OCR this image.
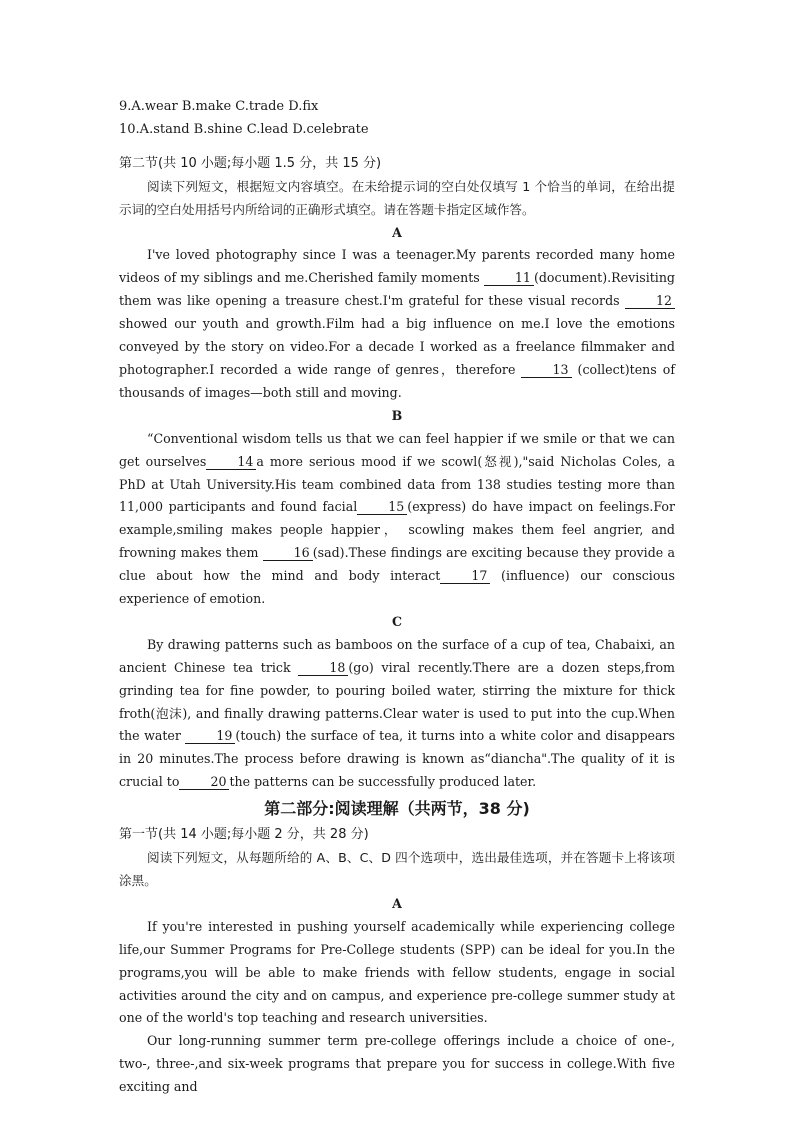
9.A.wear B.make C.trade D.fix

10.A.stand B.shine C.lead D.celebrate

第二节(共 10 小题;每小题 1.5 分，共 15 分)

阅读下列短文，根据短文内容填空。在未给提示词的空白处仅填写 1 个恰当的单词，在给出提示词的空白处用括号内所给词的正确形式填空。请在答题卡指定区域作答。

A

I've loved photography since I was a teenager.My parents recorded many home videos of my siblings and me.Cherished family moments	11 (document).Revisiting them was like opening a treasure chest.I'm grateful for these visual records	12 showed our youth and growth.Film had a big influence on me.I love the emotions conveyed by the story on video.For a decade I worked as a freelance filmmaker and photographer.I recorded a wide range of genres，therefore	13 (collect)tens of thousands of images—both still and moving.

B

“Conventional wisdom tells us that we can feel happier if we smile or that we can get ourselves 14 a more serious mood if we scowl(怒视),"said Nicholas Coles, a PhD at Utah University.His team combined data from 138 studies testing more than 11,000 participants and found facial 15 (express) do have impact on feelings.For example,smiling makes people happier， scowling makes them feel angrier, and frowning makes them	16 (sad).These findings are exciting because they provide a clue about how the mind and body interact 17 (influence) our conscious experience of emotion.

C

By drawing patterns such as bamboos on the surface of a cup of tea, Chabaixi, an ancient Chinese tea trick	18 (go) viral recently.There are a dozen steps,from grinding tea for fine powder, to pouring boiled water, stirring the mixture for thick froth(泡沫), and finally drawing patterns.Clear water is used to put into the cup.When the water	19 (touch) the surface of tea, it turns into a white color and disappears in 20 minutes.The process before drawing is known as“diancha".The quality of it is crucial to 20 the patterns can be successfully produced later.

第二部分:阅读理解（共两节，38 分)

第一节(共 14 小题;每小题 2 分，共 28 分)

阅读下列短文，从每题所给的 A、B、C、D 四个选项中，选出最佳选项，并在答题卡上将该项涂黑。

A

If you're interested in pushing yourself academically while experiencing college life,our Summer Programs for Pre-College students (SPP) can be ideal for you.In the programs,you will be able to make friends with fellow students, engage in social activities around the city and on campus, and experience pre-college summer study at one of the world's top teaching and research universities.

Our long-running summer term pre-college offerings include a choice of one-, two-, three-,and six-week programs that prepare you for success in college.With five exciting and
